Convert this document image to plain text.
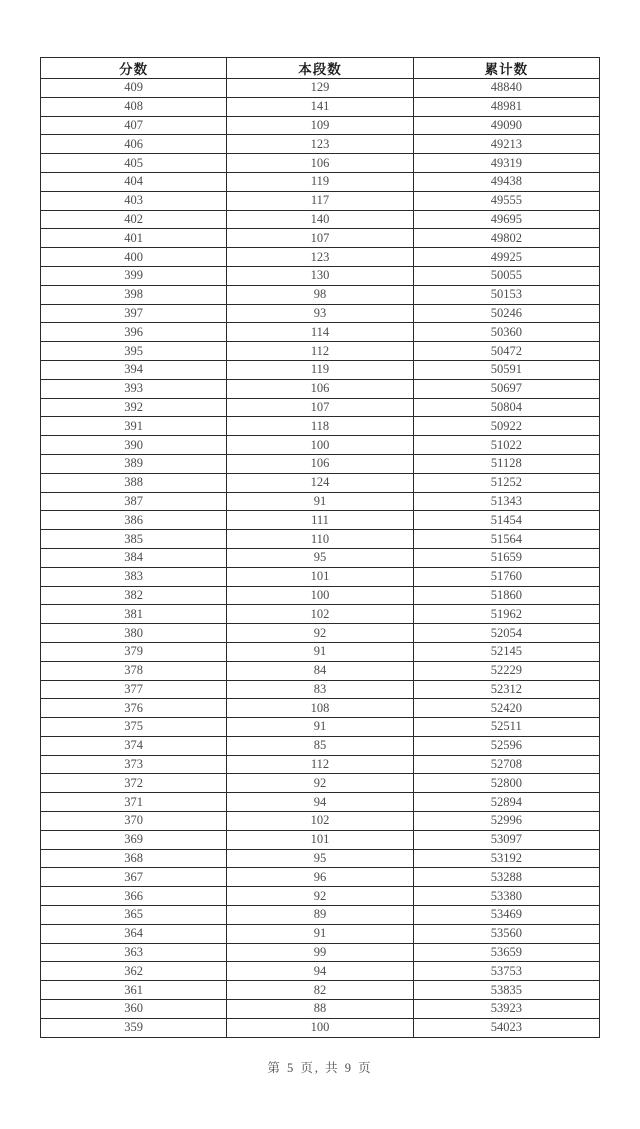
分数	本段数	累计数
409	129	48840
408	141	48981
407	109	49090
406	123	49213
405	106	49319
404	119	49438
403	117	49555
402	140	49695
401	107	49802
400	123	49925
399	130	50055
398	98	50153
397	93	50246
396	114	50360
395	112	50472
394	119	50591
393	106	50697
392	107	50804
391	118	50922
390	100	51022
389	106	51128
388	124	51252
387	91	51343
386	111	51454
385	110	51564
384	95	51659
383	101	51760
382	100	51860
381	102	51962
380	92	52054
379	91	52145
378	84	52229
377	83	52312
376	108	52420
375	91	52511
374	85	52596
373	112	52708
372	92	52800
371	94	52894
370	102	52996
369	101	53097
368	95	53192
367	96	53288
366	92	53380
365	89	53469
364	91	53560
363	99	53659
362	94	53753
361	82	53835
360	88	53923
359	100	54023
第 5 页, 共 9 页
